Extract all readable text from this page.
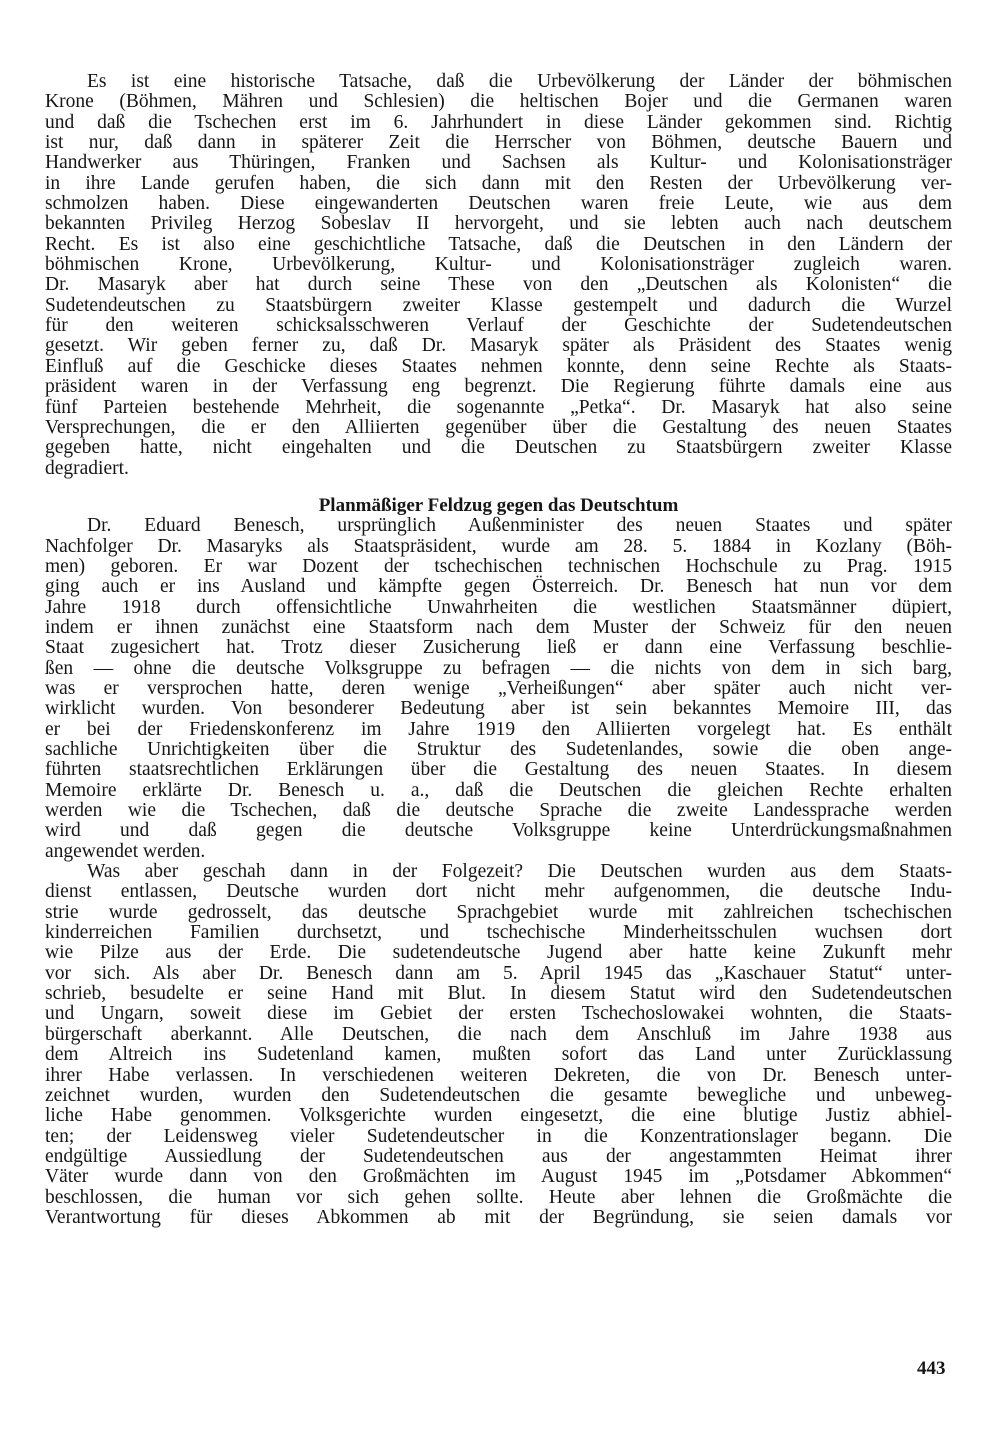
Es ist eine historische Tatsache, daß die Urbevölkerung der Länder der böhmischen
Krone (Böhmen, Mähren und Schlesien) die heltischen Bojer und die Germanen waren
und daß die Tschechen erst im 6. Jahrhundert in diese Länder gekommen sind. Richtig
ist nur, daß dann in späterer Zeit die Herrscher von Böhmen, deutsche Bauern und
Handwerker aus Thüringen, Franken und Sachsen als Kultur- und Kolonisationsträger
in ihre Lande gerufen haben, die sich dann mit den Resten der Urbevölkerung ver-
schmolzen haben. Diese eingewanderten Deutschen waren freie Leute, wie aus dem
bekannten Privileg Herzog Sobeslav II hervorgeht, und sie lebten auch nach deutschem
Recht. Es ist also eine geschichtliche Tatsache, daß die Deutschen in den Ländern der
böhmischen Krone, Urbevölkerung, Kultur- und Kolonisationsträger zugleich waren.
Dr. Masaryk aber hat durch seine These von den „Deutschen als Kolonisten“ die
Sudetendeutschen zu Staatsbürgern zweiter Klasse gestempelt und dadurch die Wurzel
für den weiteren schicksalsschweren Verlauf der Geschichte der Sudetendeutschen
gesetzt. Wir geben ferner zu, daß Dr. Masaryk später als Präsident des Staates wenig
Einfluß auf die Geschicke dieses Staates nehmen konnte, denn seine Rechte als Staats-
präsident waren in der Verfassung eng begrenzt. Die Regierung führte damals eine aus
fünf Parteien bestehende Mehrheit, die sogenannte „Petka“. Dr. Masaryk hat also seine
Versprechungen, die er den Alliierten gegenüber über die Gestaltung des neuen Staates
gegeben hatte, nicht eingehalten und die Deutschen zu Staatsbürgern zweiter Klasse
degradiert.
Planmäßiger Feldzug gegen das Deutschtum
Dr. Eduard Benesch, ursprünglich Außenminister des neuen Staates und später
Nachfolger Dr. Masaryks als Staatspräsident, wurde am 28. 5. 1884 in Kozlany (Böh-
men) geboren. Er war Dozent der tschechischen technischen Hochschule zu Prag. 1915
ging auch er ins Ausland und kämpfte gegen Österreich. Dr. Benesch hat nun vor dem
Jahre 1918 durch offensichtliche Unwahrheiten die westlichen Staatsmänner düpiert,
indem er ihnen zunächst eine Staatsform nach dem Muster der Schweiz für den neuen
Staat zugesichert hat. Trotz dieser Zusicherung ließ er dann eine Verfassung beschlie-
ßen — ohne die deutsche Volksgruppe zu befragen — die nichts von dem in sich barg,
was er versprochen hatte, deren wenige „Verheißungen“ aber später auch nicht ver-
wirklicht wurden. Von besonderer Bedeutung aber ist sein bekanntes Memoire III, das
er bei der Friedenskonferenz im Jahre 1919 den Alliierten vorgelegt hat. Es enthält
sachliche Unrichtigkeiten über die Struktur des Sudetenlandes, sowie die oben ange-
führten staatsrechtlichen Erklärungen über die Gestaltung des neuen Staates. In diesem
Memoire erklärte Dr. Benesch u. a., daß die Deutschen die gleichen Rechte erhalten
werden wie die Tschechen, daß die deutsche Sprache die zweite Landessprache werden
wird und daß gegen die deutsche Volksgruppe keine Unterdrückungsmaßnahmen
angewendet werden.
Was aber geschah dann in der Folgezeit? Die Deutschen wurden aus dem Staats-
dienst entlassen, Deutsche wurden dort nicht mehr aufgenommen, die deutsche Indu-
strie wurde gedrosselt, das deutsche Sprachgebiet wurde mit zahlreichen tschechischen
kinderreichen Familien durchsetzt, und tschechische Minderheitsschulen wuchsen dort
wie Pilze aus der Erde. Die sudetendeutsche Jugend aber hatte keine Zukunft mehr
vor sich. Als aber Dr. Benesch dann am 5. April 1945 das „Kaschauer Statut“ unter-
schrieb, besudelte er seine Hand mit Blut. In diesem Statut wird den Sudetendeutschen
und Ungarn, soweit diese im Gebiet der ersten Tschechoslowakei wohnten, die Staats-
bürgerschaft aberkannt. Alle Deutschen, die nach dem Anschluß im Jahre 1938 aus
dem Altreich ins Sudetenland kamen, mußten sofort das Land unter Zurücklassung
ihrer Habe verlassen. In verschiedenen weiteren Dekreten, die von Dr. Benesch unter-
zeichnet wurden, wurden den Sudetendeutschen die gesamte bewegliche und unbeweg-
liche Habe genommen. Volksgerichte wurden eingesetzt, die eine blutige Justiz abhiel-
ten; der Leidensweg vieler Sudetendeutscher in die Konzentrationslager begann. Die
endgültige Aussiedlung der Sudetendeutschen aus der angestammten Heimat ihrer
Väter wurde dann von den Großmächten im August 1945 im „Potsdamer Abkommen“
beschlossen, die human vor sich gehen sollte. Heute aber lehnen die Großmächte die
Verantwortung für dieses Abkommen ab mit der Begründung, sie seien damals vor
443
